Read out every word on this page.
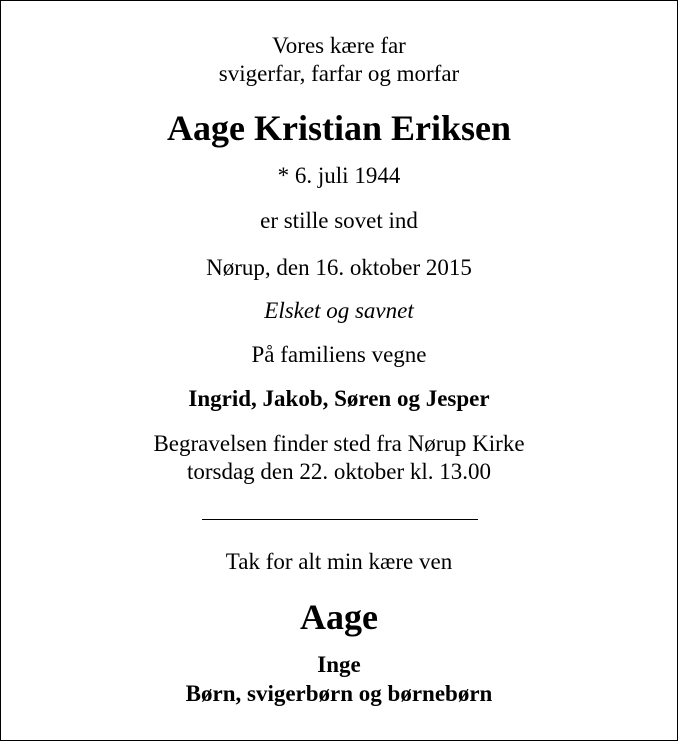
Vores kære far
svigerfar, farfar og morfar
Aage Kristian Eriksen
* 6. juli 1944
er stille sovet ind
Nørup, den 16. oktober 2015
Elsket og savnet
På familiens vegne
Ingrid, Jakob, Søren og Jesper
Begravelsen finder sted fra Nørup Kirke
torsdag den 22. oktober kl. 13.00
Tak for alt min kære ven
Aage
Inge
Børn, svigerbørn og børnebørn
